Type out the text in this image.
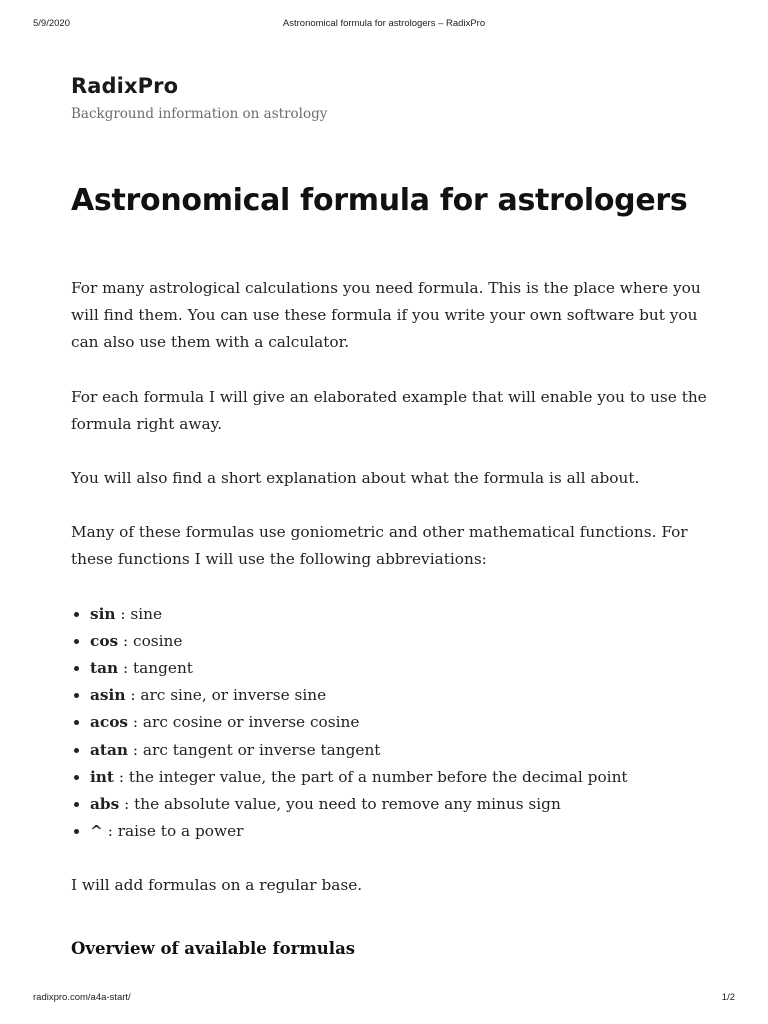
5/9/2020	Astronomical formula for astrologers – RadixPro
RadixPro

Background information on astrology

Astronomical formula for astrologers

For many astrological calculations you need formula. This is the place where you will find them. You can use these formula if you write your own software but you can also use them with a calculator.

For each formula I will give an elaborated example that will enable you to use the formula right away.

You will also find a short explanation about what the formula is all about.

Many of these formulas use goniometric and other mathematical functions. For these functions I will use the following abbreviations:

• sin : sine
• cos : cosine
• tan : tangent
• asin : arc sine, or inverse sine
• acos : arc cosine or inverse cosine
• atan : arc tangent or inverse tangent
• int : the integer value, the part of a number before the decimal point
• abs : the absolute value, you need to remove any minus sign
• ^ : raise to a power

I will add formulas on a regular base.

Overview of available formulas
radixpro.com/a4a-start/	1/2
